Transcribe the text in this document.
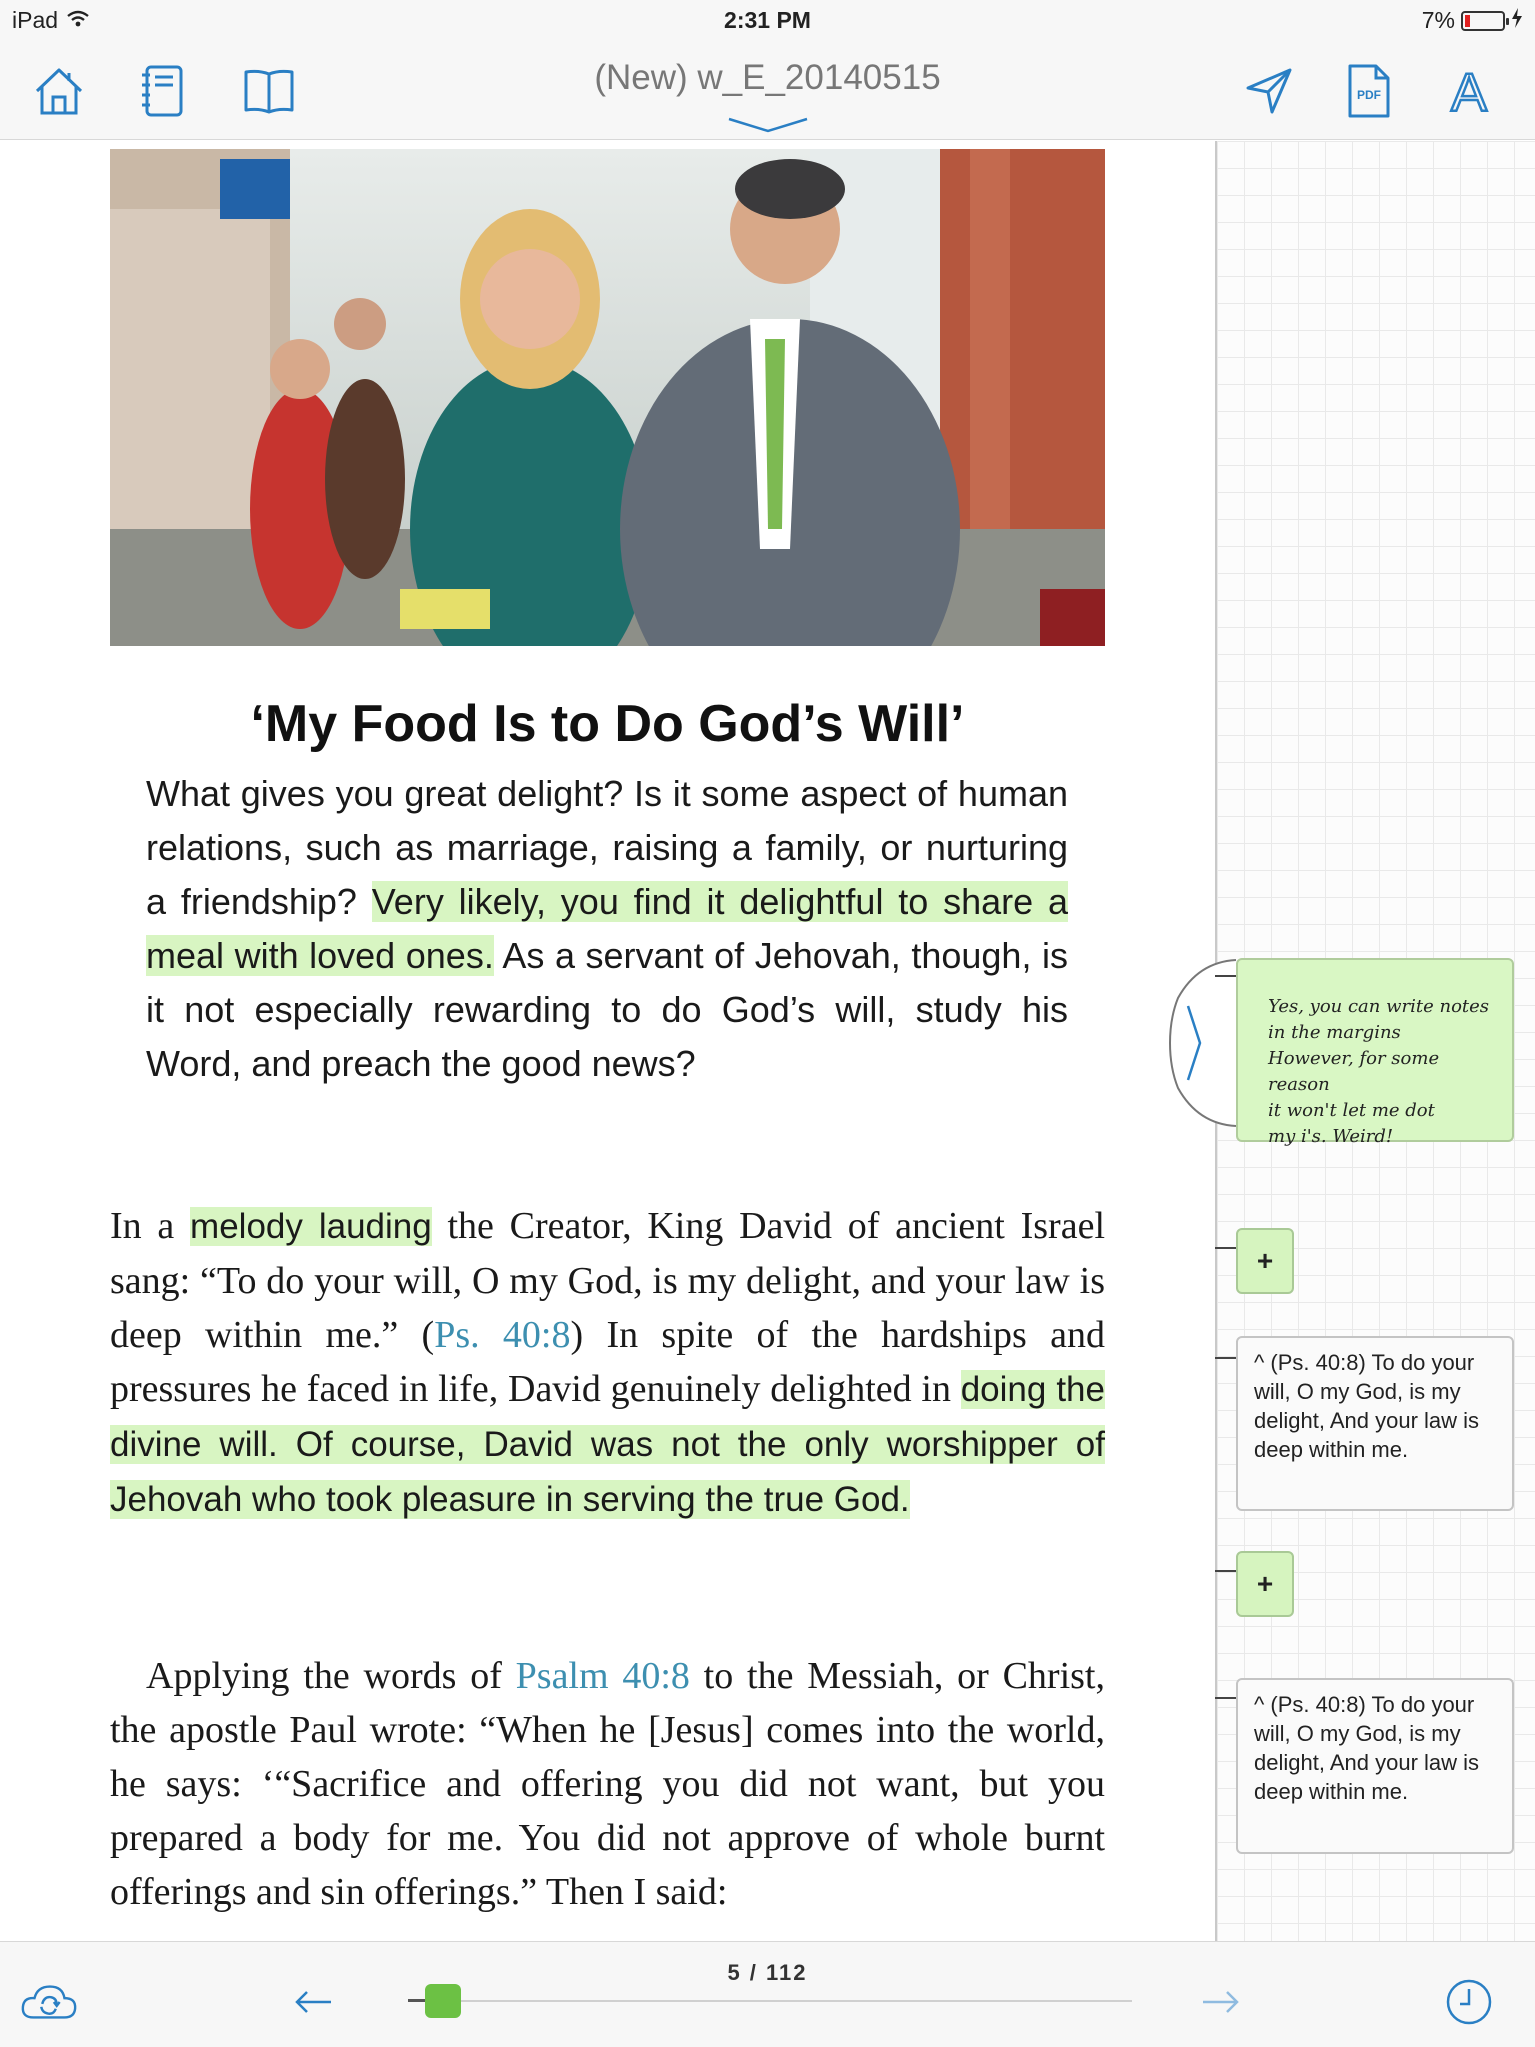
iPad	2:31 PM	7%
(New) w_E_20140515	PDF A
‘My Food Is to Do God’s Will’
What gives you great delight? Is it some aspect of human relations, such as marriage, raising a family, or nurturing a friendship? Very likely, you find it delightful to share a meal with loved ones. As a servant of Jehovah, though, is it not especially rewarding to do God’s will, study his Word, and preach the good news?
In a melody lauding the Creator, King David of ancient Israel sang: “To do your will, O my God, is my delight, and your law is deep within me.” (Ps. 40:8) In spite of the hardships and pressures he faced in life, David genuinely delighted in doing the divine will. Of course, David was not the only worshipper of Jehovah who took pleasure in serving the true God.
Applying the words of Psalm 40:8 to the Messiah, or Christ, the apostle Paul wrote: “When he [Jesus] comes into the world, he says: ‘“Sacrifice and offering you did not want, but you prepared a body for me. You did not approve of whole burnt offerings and sin offerings.” Then I said:
Yes, you can write notes
in the margins
However, for some reason
it won't let me dot
my i's. Weird!
+
^ (Ps. 40:8) To do your will, O my God, is my delight, And your law is deep within me.
+
^ (Ps. 40:8) To do your will, O my God, is my delight, And your law is deep within me.
5 / 112
